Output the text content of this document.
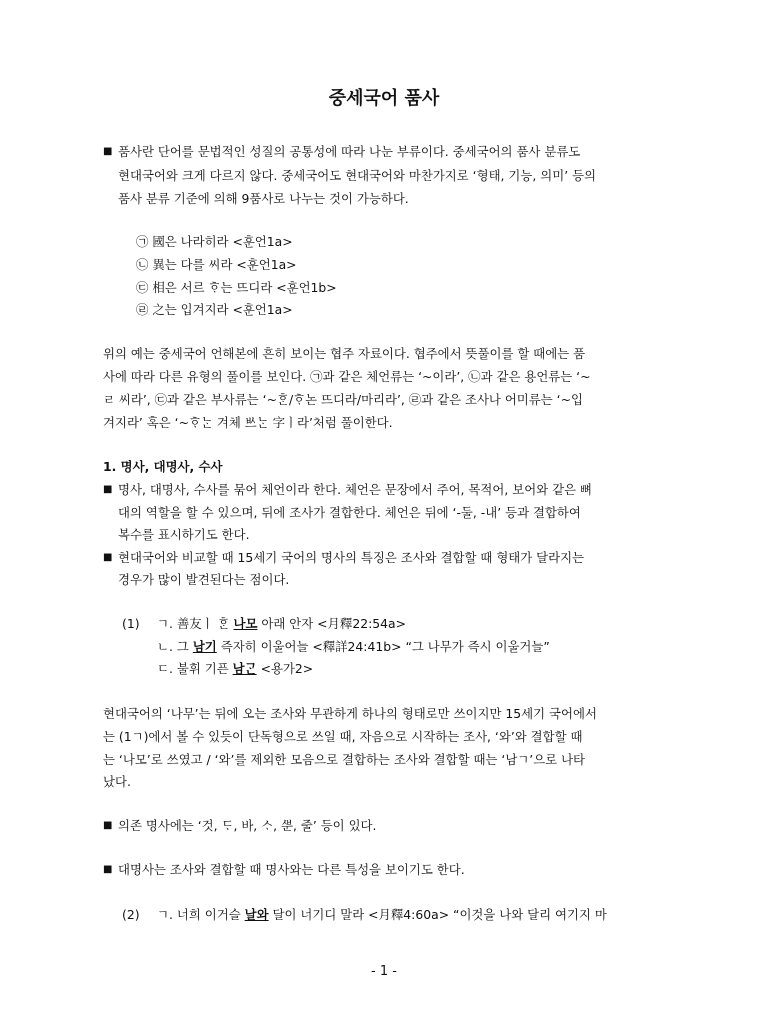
중세국어 품사
■ 품사란 단어를 문법적인 성질의 공통성에 따라 나눈 부류이다. 중세국어의 품사 분류도
현대국어와 크게 다르지 않다. 중세국어도 현대국어와 마찬가지로 ‘형태, 기능, 의미’ 등의
품사 분류 기준에 의해 9품사로 나누는 것이 가능하다.
㉠ 國은 나라히라 <훈언1a>
㉡ 異는 다를 씨라 <훈언1a>
㉢ 相은 서르 ᄒᆞ는 뜨디라 <훈언1b>
㉣ 之는 입겨지라 <훈언1a>
위의 예는 중세국어 언해본에 흔히 보이는 협주 자료이다. 협주에서 뜻풀이를 할 때에는 품
사에 따라 다른 유형의 풀이를 보인다. ㉠과 같은 체언류는 ‘~이라’, ㉡과 같은 용언류는 ‘~
ㄹ 씨라’, ㉢과 같은 부사류는 ‘~ᄒᆞᆫ/ᄒᆞ논 뜨디라/마리라’, ㉣과 같은 조사나 어미류는 ‘~입
겨지라’ 혹은 ‘~ᄒᆞᄂᆞᆫ 겨체 ᄡᅳᄂᆞᆫ 字ㅣ라’처럼 풀이한다.
1. 명사, 대명사, 수사
■ 명사, 대명사, 수사를 묶어 체언이라 한다. 체언은 문장에서 주어, 목적어, 보어와 같은 뼈
대의 역할을 할 수 있으며, 뒤에 조사가 결합한다. 체언은 뒤에 ‘-둘, -내’ 등과 결합하여
복수를 표시하기도 한다.
■ 현대국어와 비교할 때 15세기 국어의 명사의 특징은 조사와 결합할 때 형태가 달라지는
경우가 많이 발견된다는 점이다.
(1) ㄱ. 善友ㅣ ᄒᆞᆫ 나모 아래 안자 <月釋22:54a>
ㄴ. 그 남기 즉자히 이울어늘 <釋詳24:41b> “그 나무가 즉시 이울거늘”
ㄷ. 불휘 기픈 남ᄀᆞᆫ <용가2>
현대국어의 ‘나무’는 뒤에 오는 조사와 무관하게 하나의 형태로만 쓰이지만 15세기 국어에서
는 (1ㄱ)에서 볼 수 있듯이 단독형으로 쓰일 때, 자음으로 시작하는 조사, ‘와’와 결합할 때
는 ‘나모’로 쓰였고 / ‘와’를 제외한 모음으로 결합하는 조사와 결합할 때는 ‘남ㄱ’으로 나타
났다.
■ 의존 명사에는 ‘것, ᄃᆞ, 바, ᄉᆞ, ᄲᅮᆫ, 줄’ 등이 있다.
■ 대명사는 조사와 결합할 때 명사와는 다른 특성을 보이기도 한다.
(2) ㄱ. 너희 이거슬 날와 달이 너기디 말라 <月釋4:60a> “이것을 나와 달리 여기지 마
- 1 -
